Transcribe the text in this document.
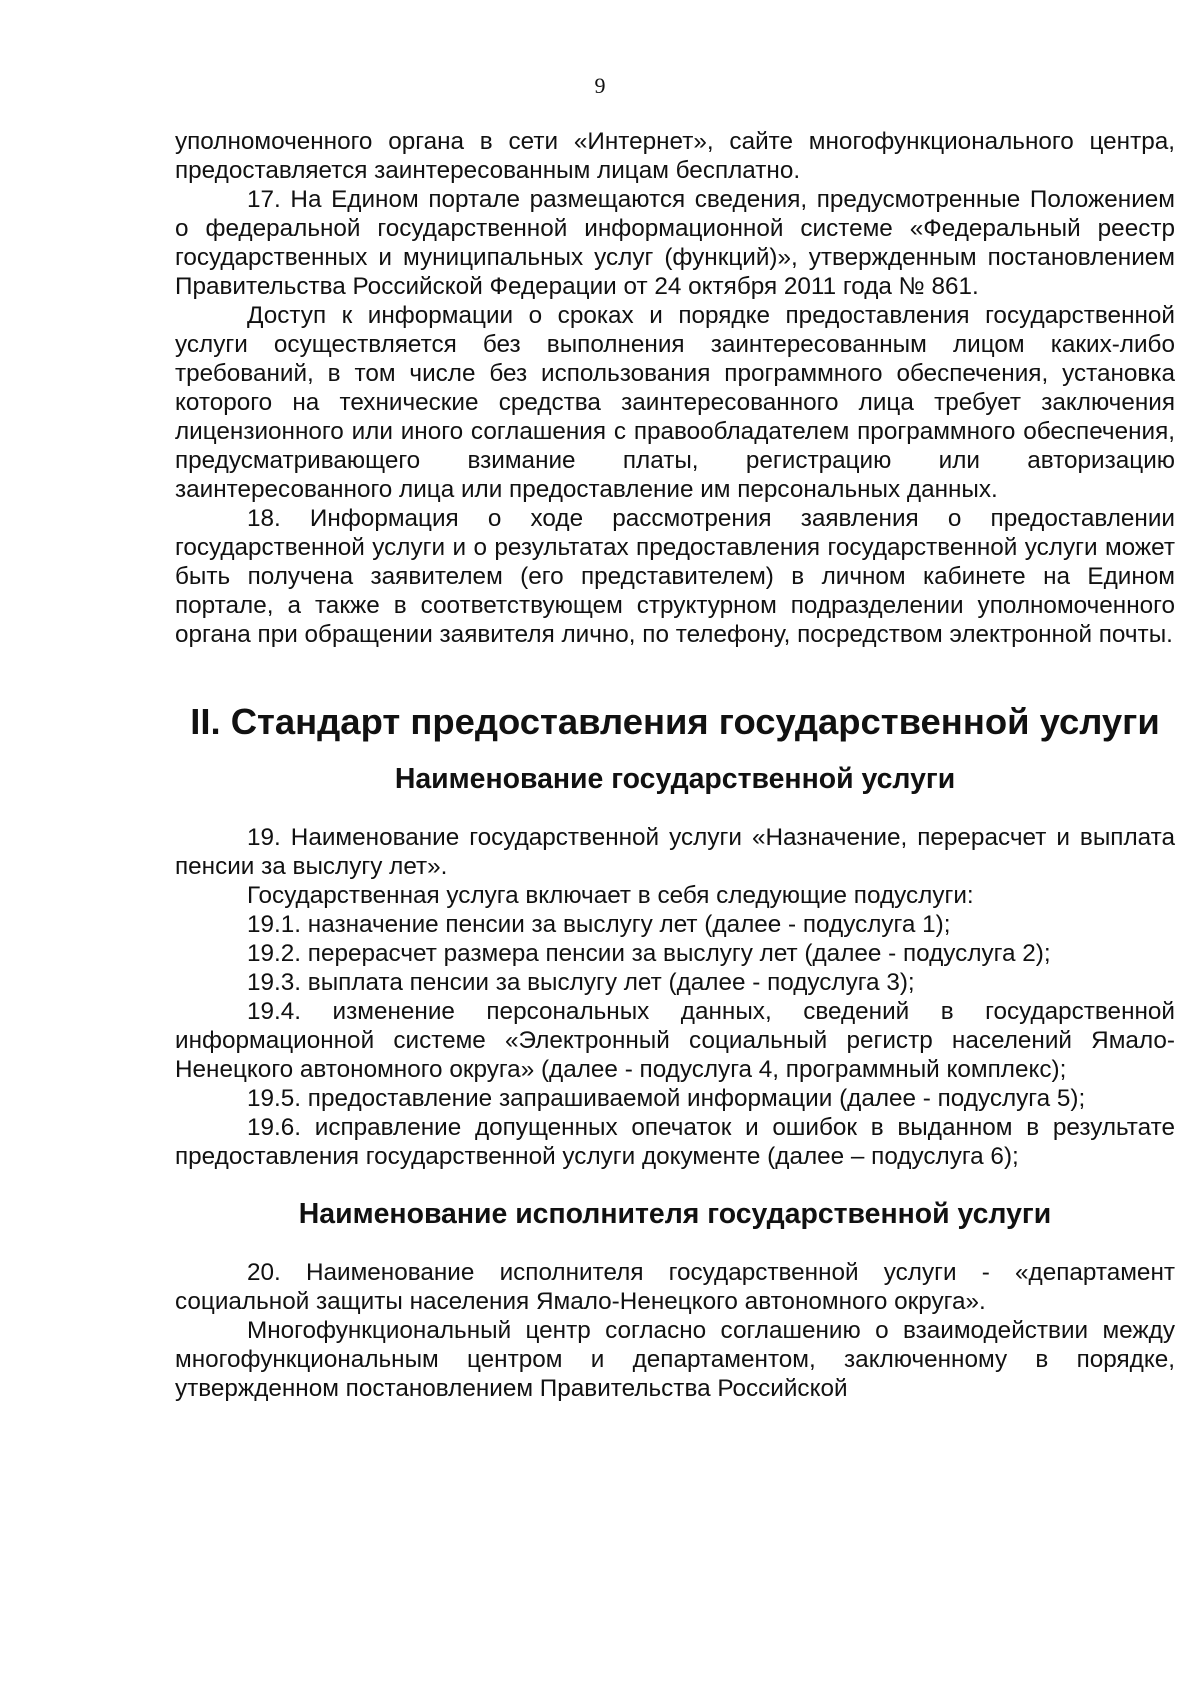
9

уполномоченного органа в сети «Интернет», сайте многофункционального центра, предоставляется заинтересованным лицам бесплатно.

17. На Едином портале размещаются сведения, предусмотренные Положением о федеральной государственной информационной системе «Федеральный реестр государственных и муниципальных услуг (функций)», утвержденным постановлением Правительства Российской Федерации от 24 октября 2011 года № 861.

Доступ к информации о сроках и порядке предоставления государственной услуги осуществляется без выполнения заинтересованным лицом каких-либо требований, в том числе без использования программного обеспечения, установка которого на технические средства заинтересованного лица требует заключения лицензионного или иного соглашения с правообладателем программного обеспечения, предусматривающего взимание платы, регистрацию или авторизацию заинтересованного лица или предоставление им персональных данных.

18. Информация о ходе рассмотрения заявления о предоставлении государственной услуги и о результатах предоставления государственной услуги может быть получена заявителем (его представителем) в личном кабинете на Едином портале, а также в соответствующем структурном подразделении уполномоченного органа при обращении заявителя лично, по телефону, посредством электронной почты.

II. Стандарт предоставления государственной услуги
Наименование государственной услуги

19. Наименование государственной услуги «Назначение, перерасчет и выплата пенсии за выслугу лет».

Государственная услуга включает в себя следующие подуслуги:

19.1. назначение пенсии за выслугу лет (далее - подуслуга 1);

19.2. перерасчет размера пенсии за выслугу лет (далее - подуслуга 2);

19.3. выплата пенсии за выслугу лет (далее - подуслуга 3);

19.4. изменение персональных данных, сведений в государственной информационной системе «Электронный социальный регистр населений Ямало-Ненецкого автономного округа» (далее - подуслуга 4, программный комплекс);

19.5. предоставление запрашиваемой информации (далее - подуслуга 5);

19.6. исправление допущенных опечаток и ошибок в выданном в результате предоставления государственной услуги документе (далее – подуслуга 6);

Наименование исполнителя государственной услуги

20. Наименование исполнителя государственной услуги - «департамент социальной защиты населения Ямало-Ненецкого автономного округа».

Многофункциональный центр согласно соглашению о взаимодействии между многофункциональным центром и департаментом, заключенному в порядке, утвержденном постановлением Правительства Российской
